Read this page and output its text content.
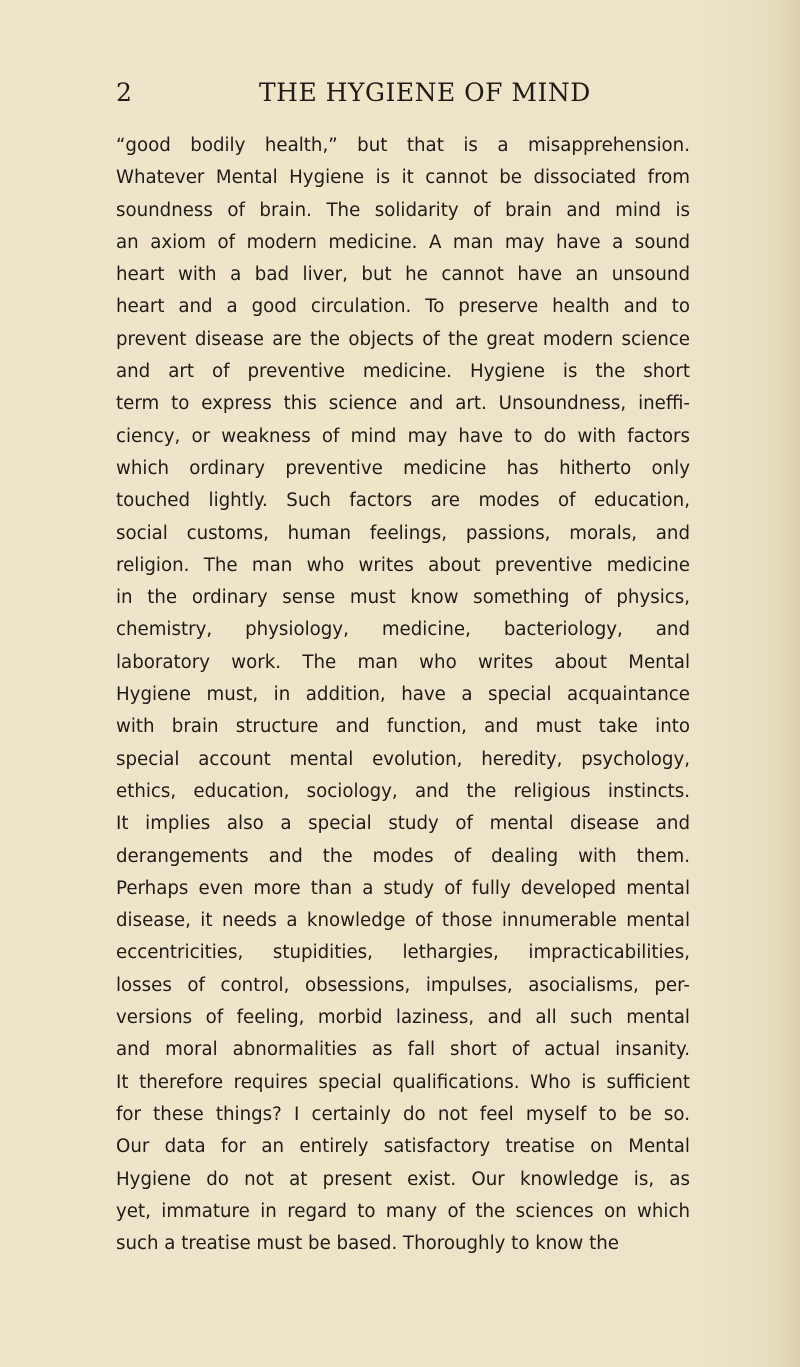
2	THE HYGIENE OF MIND
“good bodily health,” but that is a misapprehension.
Whatever Mental Hygiene is it cannot be dissociated from
soundness of brain. The solidarity of brain and mind is
an axiom of modern medicine. A man may have a sound
heart with a bad liver, but he cannot have an unsound
heart and a good circulation. To preserve health and to
prevent disease are the objects of the great modern science
and art of preventive medicine. Hygiene is the short
term to express this science and art. Unsoundness, ineffi-
ciency, or weakness of mind may have to do with factors
which ordinary preventive medicine has hitherto only
touched lightly. Such factors are modes of education,
social customs, human feelings, passions, morals, and
religion. The man who writes about preventive medicine
in the ordinary sense must know something of physics,
chemistry, physiology, medicine, bacteriology, and
laboratory work. The man who writes about Mental
Hygiene must, in addition, have a special acquaintance
with brain structure and function, and must take into
special account mental evolution, heredity, psychology,
ethics, education, sociology, and the religious instincts.
It implies also a special study of mental disease and
derangements and the modes of dealing with them.
Perhaps even more than a study of fully developed mental
disease, it needs a knowledge of those innumerable mental
eccentricities, stupidities, lethargies, impracticabilities,
losses of control, obsessions, impulses, asocialisms, per-
versions of feeling, morbid laziness, and all such mental
and moral abnormalities as fall short of actual insanity.
It therefore requires special qualifications. Who is sufficient
for these things? I certainly do not feel myself to be so.
Our data for an entirely satisfactory treatise on Mental
Hygiene do not at present exist. Our knowledge is, as
yet, immature in regard to many of the sciences on which
such a treatise must be based. Thoroughly to know the
